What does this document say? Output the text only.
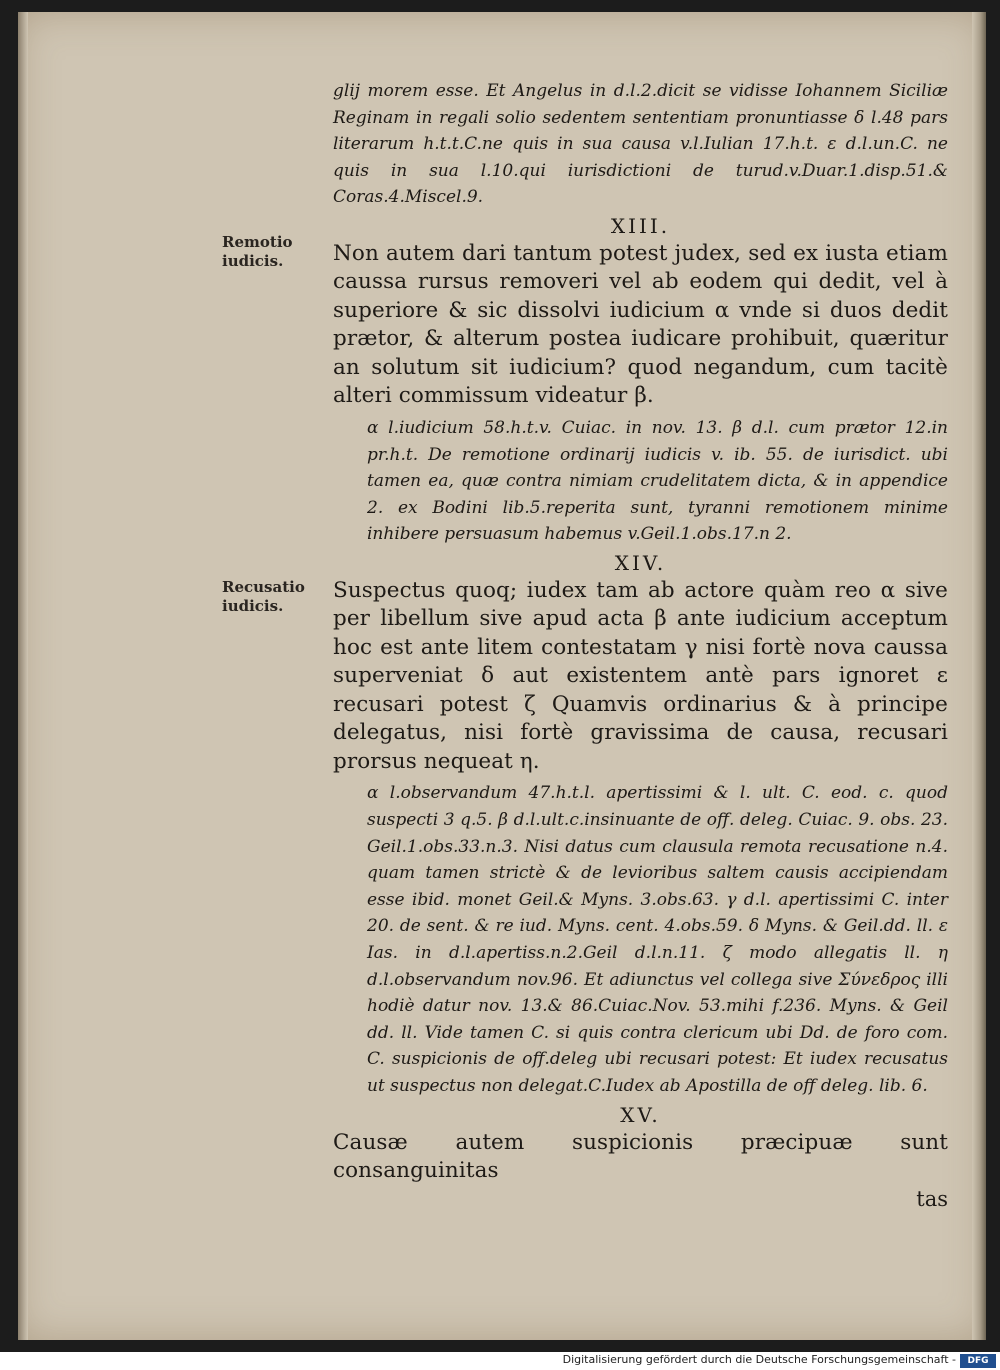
Remotio iudicis.
Recusatio iudicis.
glij morem esse. Et Angelus in d.l.2.dicit se vidisse Iohannem Siciliæ Reginam in regali solio sedentem sententiam pronuntiasse δ l.48 pars literarum h.t.t.C.ne quis in sua causa v.l.Iulian 17.h.t. ε d.l.un.C. ne quis in sua l.10.qui iurisdictioni de turud.v.Duar.1.disp.51.& Coras.4.Miscel.9.
XIII.
Non autem dari tantum potest judex, sed ex iusta etiam caussa rursus removeri vel ab eodem qui dedit, vel à superiore & sic dissolvi iudicium α vnde si duos dedit prætor, & alterum postea iudicare prohibuit, quæritur an solutum sit iudicium? quod negandum, cum tacitè alteri commissum videatur β.
α l.iudicium 58.h.t.v. Cuiac. in nov. 13. β d.l. cum prætor 12.in pr.h.t. De remotione ordinarij iudicis v. ib. 55. de iurisdict. ubi tamen ea, quæ contra nimiam crudelitatem dicta, & in appendice 2. ex Bodini lib.5.reperita sunt, tyranni remotionem minime inhibere persuasum habemus v.Geil.1.obs.17.n 2.
XIV.
Suspectus quoq; iudex tam ab actore quàm reo α sive per libellum sive apud acta β ante iudicium acceptum hoc est ante litem contestatam γ nisi fortè nova caussa superveniat δ aut existentem antè pars ignoret ε recusari potest ζ Quamvis ordinarius & à principe delegatus, nisi fortè gravissima de causa, recusari prorsus nequeat η.
α l.observandum 47.h.t.l. apertissimi & l. ult. C. eod. c. quod suspecti 3 q.5. β d.l.ult.c.insinuante de off. deleg. Cuiac. 9. obs. 23. Geil.1.obs.33.n.3. Nisi datus cum clausula remota recusatione n.4. quam tamen strictè & de levioribus saltem causis accipiendam esse ibid. monet Geil.& Myns. 3.obs.63. γ d.l. apertissimi C. inter 20. de sent. & re iud. Myns. cent. 4.obs.59. δ Myns. & Geil.dd. ll. ε Ias. in d.l.apertiss.n.2.Geil d.l.n.11. ζ modo allegatis ll. η d.l.observandum nov.96. Et adiunctus vel collega sive Σύνεδρος illi hodiè datur nov. 13.& 86.Cuiac.Nov. 53.mihi f.236. Myns. & Geil dd. ll. Vide tamen C. si quis contra clericum ubi Dd. de foro com. C. suspicionis de off.deleg ubi recusari potest: Et iudex recusatus ut suspectus non delegat.C.Iudex ab Apostilla de off deleg. lib. 6.
XV.
Causæ autem suspicionis præcipuæ sunt consanguinitas
tas
Digitalisierung gefördert durch die Deutsche Forschungsgemeinschaft -	DFG
